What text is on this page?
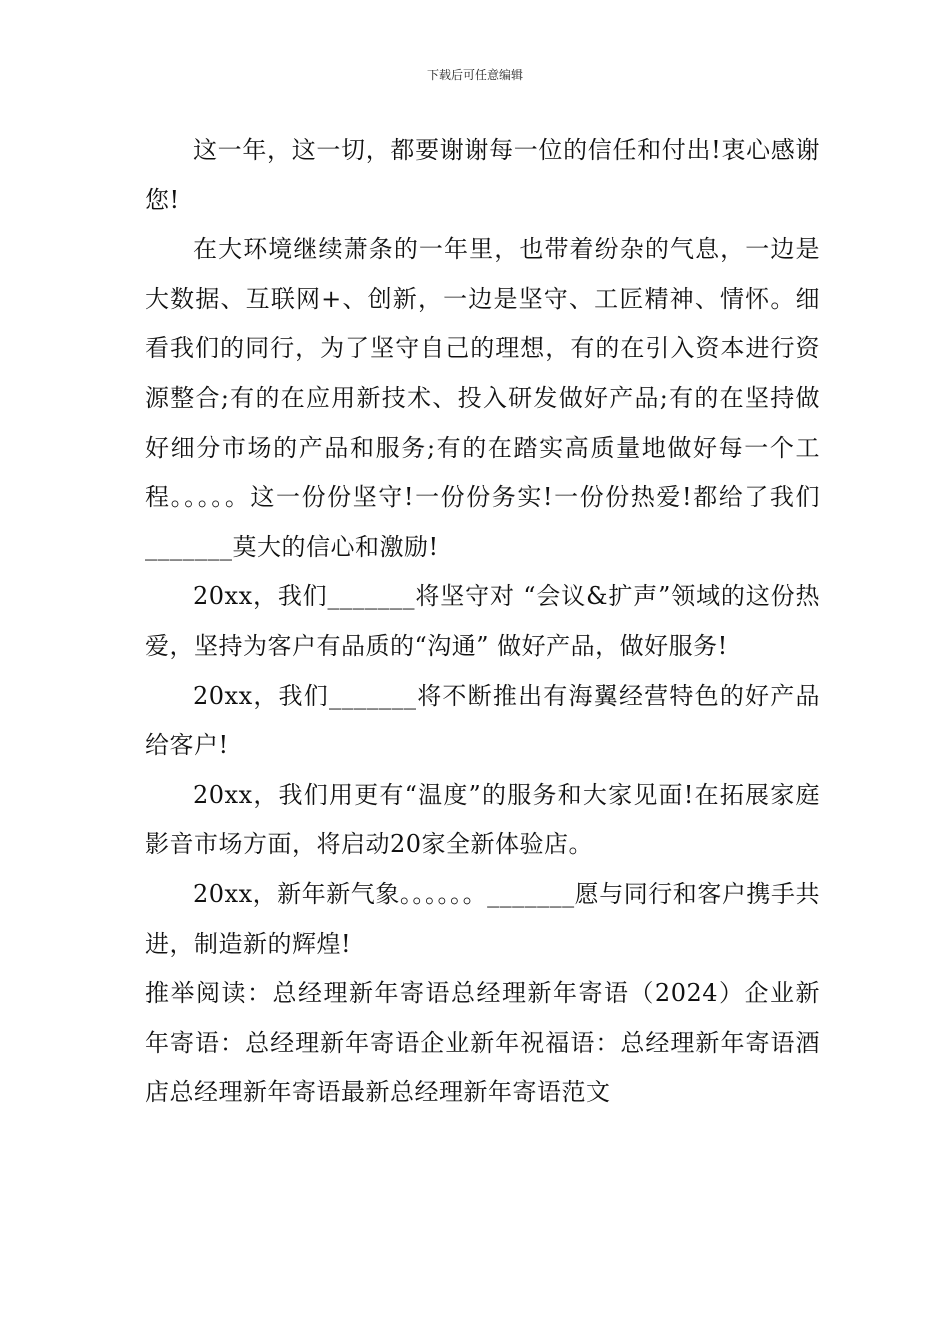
下载后可任意编辑

这一年，这一切，都要谢谢每一位的信任和付出!衷心感谢您!

在大环境继续萧条的一年里，也带着纷杂的气息，一边是大数据、互联网+、创新，一边是坚守、工匠精神、情怀。细看我们的同行，为了坚守自己的理想，有的在引入资本进行资源整合;有的在应用新技术、投入研发做好产品;有的在坚持做好细分市场的产品和服务;有的在踏实高质量地做好每一个工程。。。。。这一份份坚守!一份份务实!一份份热爱!都给了我们_______莫大的信心和激励!

20xx，我们_______将坚守对 “会议&扩声”领域的这份热爱，坚持为客户有品质的“沟通” 做好产品，做好服务!

20xx，我们_______将不断推出有海翼经营特色的好产品给客户!

20xx，我们用更有“温度”的服务和大家见面!在拓展家庭影音市场方面，将启动20家全新体验店。

20xx，新年新气象。。。。。。_______愿与同行和客户携手共进，制造新的辉煌!

推举阅读：总经理新年寄语总经理新年寄语（2024）企业新年寄语：总经理新年寄语企业新年祝福语：总经理新年寄语酒店总经理新年寄语最新总经理新年寄语范文
